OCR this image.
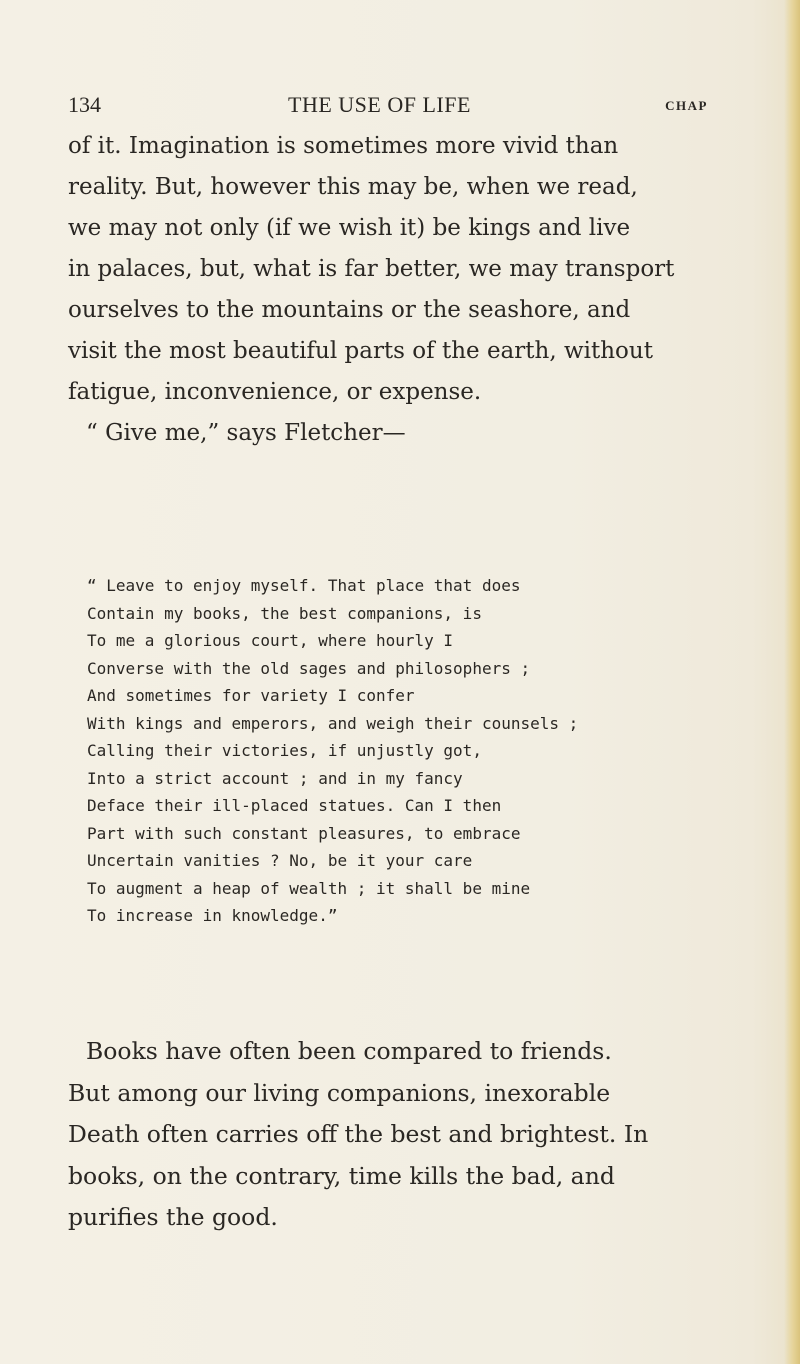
134	THE USE OF LIFE	CHAP

of it. Imagination is sometimes more vivid than
reality. But, however this may be, when we read,
we may not only (if we wish it) be kings and live
in palaces, but, what is far better, we may transport
ourselves to the mountains or the seashore, and
visit the most beautiful parts of the earth, without
fatigue, inconvenience, or expense.
“ Give me,” says Fletcher—

“ Leave to enjoy myself. That place that does
Contain my books, the best companions, is
To me a glorious court, where hourly I
Converse with the old sages and philosophers ;
And sometimes for variety I confer
With kings and emperors, and weigh their counsels ;
Calling their victories, if unjustly got,
Into a strict account ; and in my fancy
Deface their ill-placed statues. Can I then
Part with such constant pleasures, to embrace
Uncertain vanities ? No, be it your care
To augment a heap of wealth ; it shall be mine
To increase in knowledge.”

Books have often been compared to friends.
But among our living companions, inexorable
Death often carries off the best and brightest. In
books, on the contrary, time kills the bad, and
purifies the good.
